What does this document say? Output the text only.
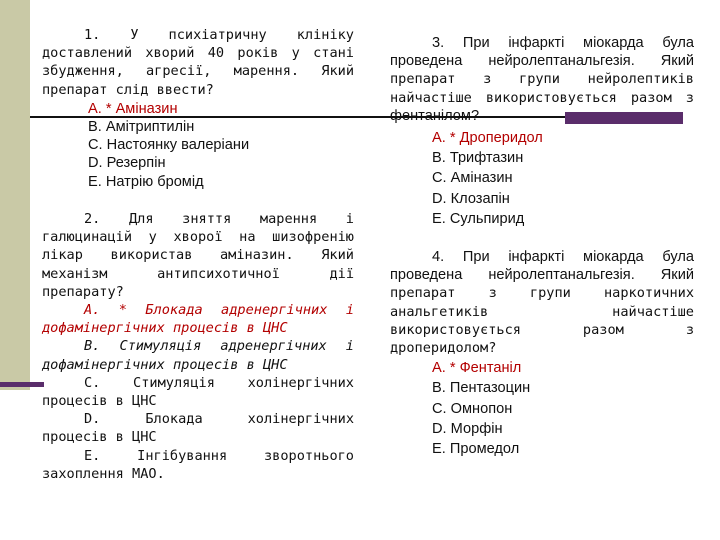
1. У психіатричну клініку

доставлений хворий 40 років у стані

збудження, агресії, марення. Який

препарат слід ввести?

A. * Аміназин

B. Амітриптилін

C. Настоянку валеріани

D. Резерпін

E. Натрію бромід

2. Для зняття марення і

галюцинацій у хворої на шизофренію

лікар використав аміназин. Який

механізм антипсихотичної дії

препарату?

A. * Блокада адренергічних і

дофамінергічних процесів в ЦНС

B. Стимуляція адренергічних і

дофамінергічних процесів в ЦНС

C. Стимуляція холінергічних

процесів в ЦНС

D. Блокада холінергічних

процесів в ЦНС

E. Інгібування зворотнього

захоплення МАО.

3. При інфаркті міокарда була

проведена нейролептанальгезія. Який

препарат з групи нейролептиків

найчастіше використовується разом з

фентанілом?

A. * Дроперидол

B. Трифтазин

C. Аміназин

D. Клозапін

E. Сульпирид

4. При інфаркті міокарда була

проведена нейролептанальгезія. Який

препарат з групи наркотичних

анальгетиків найчастіше

використовується разом з

дроперидолом?

A. * Фентаніл

B. Пентазоцин

C. Омнопон

D. Морфін

E. Промедол
